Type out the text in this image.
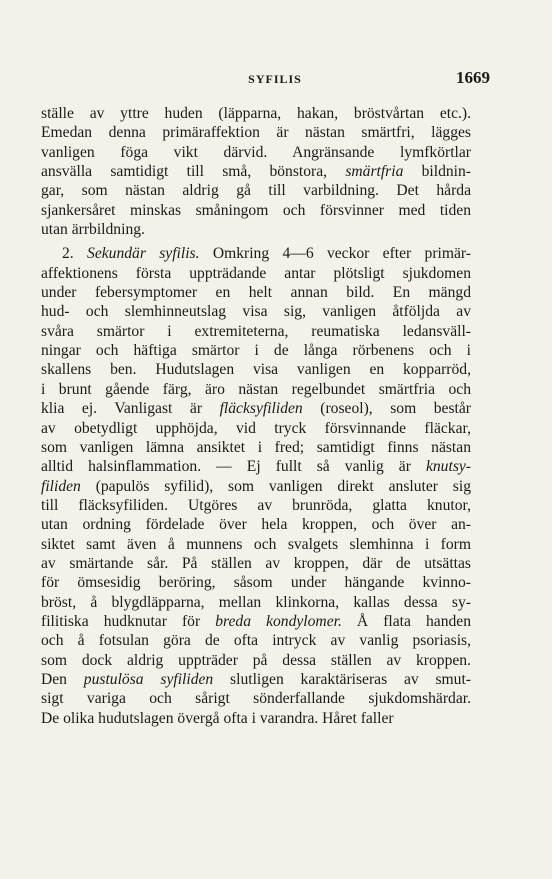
SYFILIS	1669
ställe av yttre huden (läpparna, hakan, bröstvårtan etc.).
Emedan denna primäraffektion är nästan smärtfri, lägges
vanligen föga vikt därvid. Angränsande lymfkörtlar
ansvälla samtidigt till små, bönstora, smärtfria bildnin-
gar, som nästan aldrig gå till varbildning. Det hårda
sjankersåret minskas småningom och försvinner med tiden
utan ärrbildning.
2. Sekundär syfilis. Omkring 4—6 veckor efter primär-
affektionens första uppträdande antar plötsligt sjukdomen
under febersymptomer en helt annan bild. En mängd
hud- och slemhinneutslag visa sig, vanligen åtföljda av
svåra smärtor i extremiteterna, reumatiska ledansväll-
ningar och häftiga smärtor i de långa rörbenens och i
skallens ben. Hudutslagen visa vanligen en kopparröd,
i brunt gående färg, äro nästan regelbundet smärtfria och
klia ej. Vanligast är fläcksyfiliden (roseol), som består
av obetydligt upphöjda, vid tryck försvinnande fläckar,
som vanligen lämna ansiktet i fred; samtidigt finns nästan
alltid halsinflammation. — Ej fullt så vanlig är knutsy-
filiden (papulös syfilid), som vanligen direkt ansluter sig
till fläcksyfiliden. Utgöres av brunröda, glatta knutor,
utan ordning fördelade över hela kroppen, och över an-
siktet samt även å munnens och svalgets slemhinna i form
av smärtande sår. På ställen av kroppen, där de utsättas
för ömsesidig beröring, såsom under hängande kvinno-
bröst, å blygdläpparna, mellan klinkorna, kallas dessa sy-
filitiska hudknutar för breda kondylomer. Å flata handen
och å fotsulan göra de ofta intryck av vanlig psoriasis,
som dock aldrig uppträder på dessa ställen av kroppen.
Den pustulösa syfiliden slutligen karaktäriseras av smut-
sigt variga och sårigt sönderfallande sjukdomshärdar.
De olika hudutslagen övergå ofta i varandra. Håret faller
